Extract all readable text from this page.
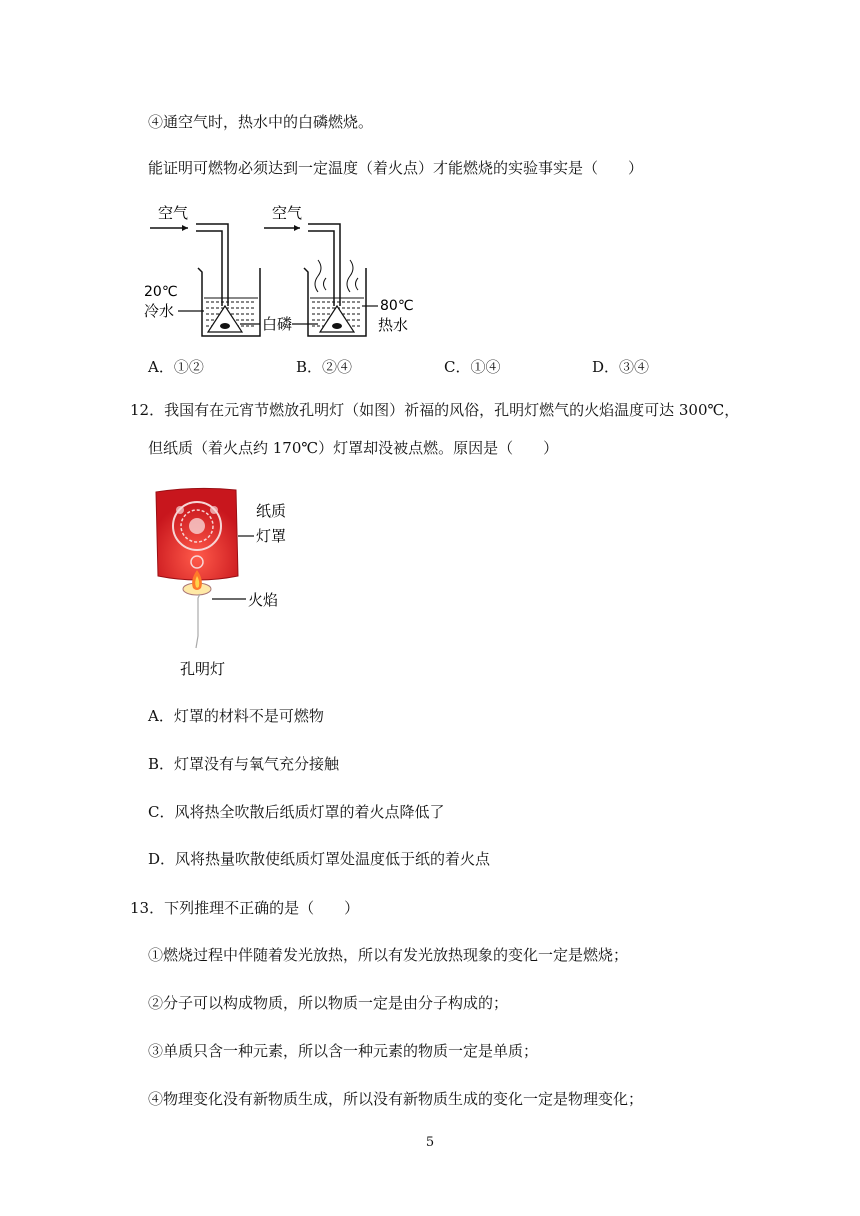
④通空气时，热水中的白磷燃烧。
能证明可燃物必须达到一定温度（着火点）才能燃烧的实验事实是（　　）
空气
20℃
冷水
白磷
空气
80℃
热水
A．①②	B．②④	C．①④	D．③④
12．我国有在元宵节燃放孔明灯（如图）祈福的风俗，孔明灯燃气的火焰温度可达 300℃，
但纸质（着火点约 170℃）灯罩却没被点燃。原因是（　　）
纸质
灯罩
火焰
孔明灯
A．灯罩的材料不是可燃物
B．灯罩没有与氧气充分接触
C．风将热全吹散后纸质灯罩的着火点降低了
D．风将热量吹散使纸质灯罩处温度低于纸的着火点
13．下列推理不正确的是（　　）
①燃烧过程中伴随着发光放热，所以有发光放热现象的变化一定是燃烧；
②分子可以构成物质，所以物质一定是由分子构成的；
③单质只含一种元素，所以含一种元素的物质一定是单质；
④物理变化没有新物质生成，所以没有新物质生成的变化一定是物理变化；
5
